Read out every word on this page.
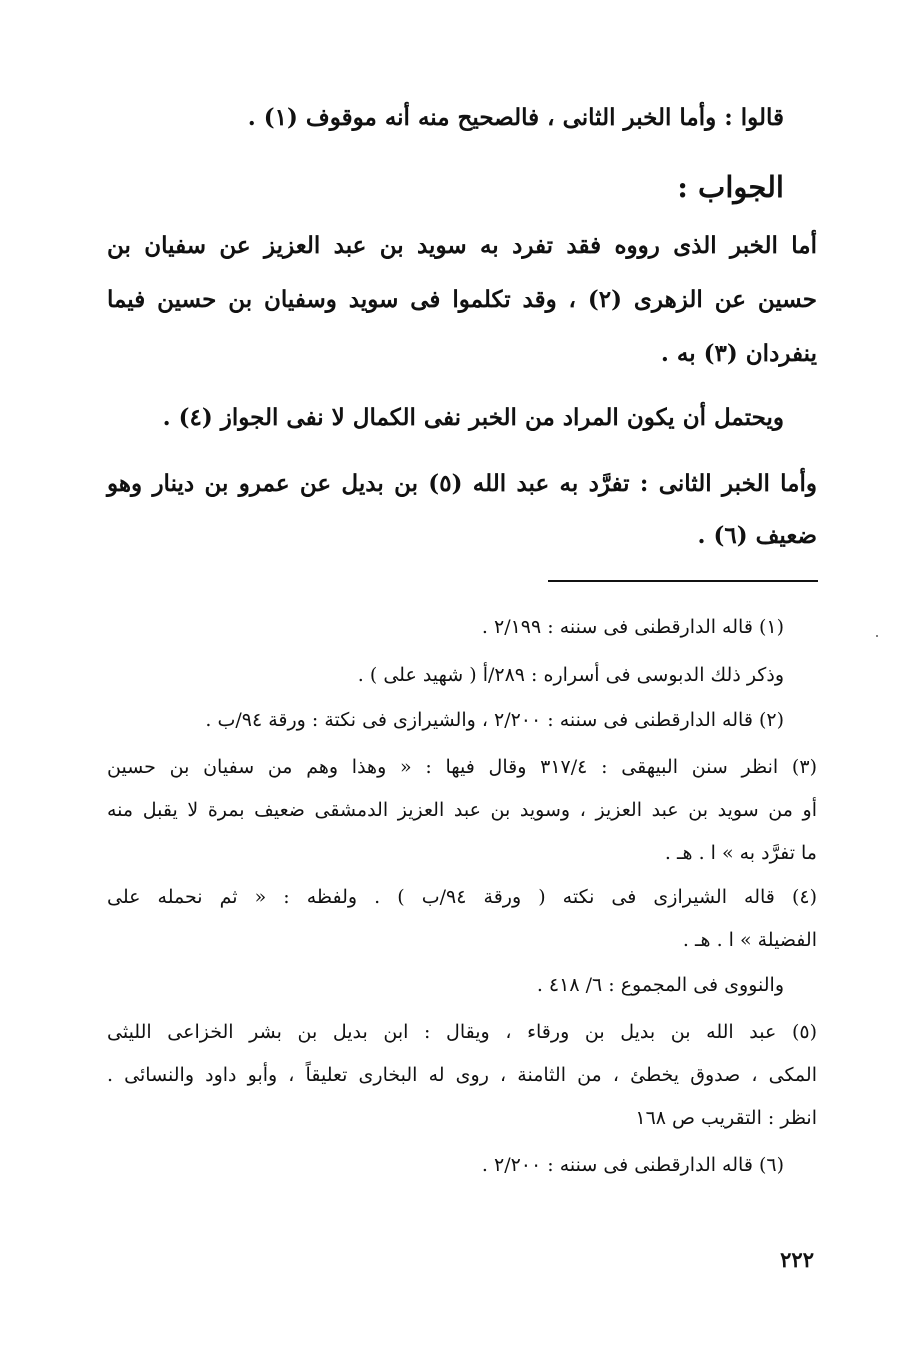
قالوا : وأما الخبر الثانى ، فالصحيح منه أنه موقوف (١) .
الجواب :
أما الخبر الذى رووه فقد تفرد به سويد بن عبد العزيز عن سفيان بن
حسين عن الزهرى (٢) ، وقد تكلموا فى سويد وسفيان بن حسين فيما
ينفردان (٣) به .
ويحتمل أن يكون المراد من الخبر نفى الكمال لا نفى الجواز (٤) .
وأما الخبر الثانى : تفرَّد به عبد الله (٥) بن بديل عن عمرو بن دينار وهو
ضعيف (٦) .
(١) قاله الدارقطنى فى سننه : ٢/١٩٩ .
وذكر ذلك الدبوسى فى أسراره : ٢٨٩/أ ( شهيد على ) .
(٢) قاله الدارقطنى فى سننه : ٢/٢٠٠ ، والشيرازى فى نكتة : ورقة ٩٤/ب .
(٣) انظر سنن البيهقى : ٣١٧/٤ وقال فيها : « وهذا وهم من سفيان بن حسين
أو من سويد بن عبد العزيز ، وسويد بن عبد العزيز الدمشقى ضعيف بمرة لا يقبل منه
ما تفرَّد به » ا . هـ .
(٤) قاله الشيرازى فى نكته ( ورقة ٩٤/ب ) . ولفظه : « ثم نحمله على
الفضيلة » ا . هـ .
والنووى فى المجموع : ٦/ ٤١٨ .
(٥) عبد الله بن بديل بن ورقاء ، ويقال : ابن بديل بن بشر الخزاعى الليثى
المكى ، صدوق يخطئ ، من الثامنة ، روى له البخارى تعليقاً ، وأبو داود والنسائى .
انظر : التقريب ص ١٦٨
(٦) قاله الدارقطنى فى سننه : ٢/٢٠٠ .
٢٢٢
